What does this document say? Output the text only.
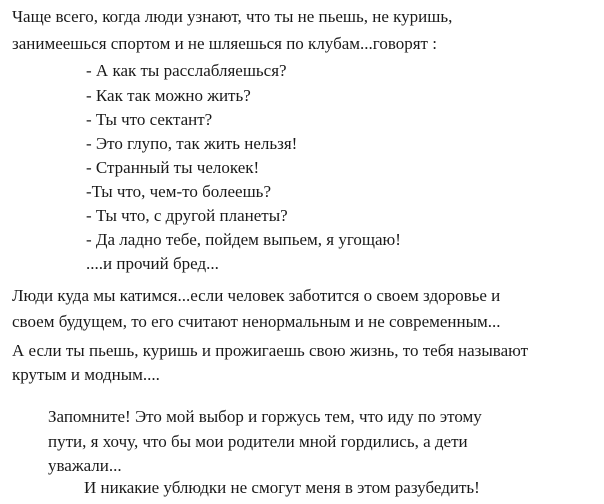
Чаще всего, когда люди узнают, что ты не пьешь, не куришь,
занимеешься спортом и не шляешься по клубам...говорят :
- А как ты расслабляешься?
- Как так можно жить?
- Ты что сектант?
- Это глупо, так жить нельзя!
- Странный ты челокек!
-Ты что, чем-то болеешь?
- Ты что, с другой планеты?
- Да ладно тебе, пойдем выпьем, я угощаю!
....и прочий бред...
Люди куда мы катимся...если человек заботится о своем здоровье и
своем будущем, то его считают ненормальным и не современным...
А если ты пьешь, куришь и прожигаешь свою жизнь, то тебя называют
крутым и модным....
Запомните! Это мой выбор и горжусь тем, что иду по этому
пути, я хочу, что бы мои родители мной гордились, а дети
уважали...
И никакие ублюдки не смогут меня в этом разубедить!
